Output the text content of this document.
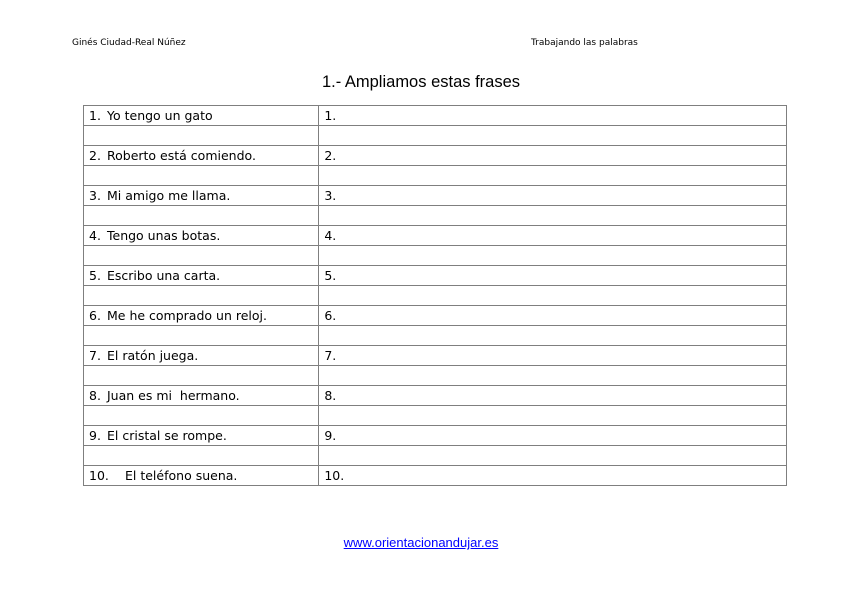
Ginés Ciudad-Real Núñez	Trabajando las palabras
1.- Ampliamos estas frases
1. Yo tengo un gato	1.

2. Roberto está comiendo.	2.

3. Mi amigo me llama.	3.

4. Tengo unas botas.	4.

5. Escribo una carta.	5.

6. Me he comprado un reloj.	6.

7. El ratón juega.	7.

8. Juan es mi  hermano.	8.

9. El cristal se rompe.	9.

10. El teléfono suena.	10.
www.orientacionandujar.es
